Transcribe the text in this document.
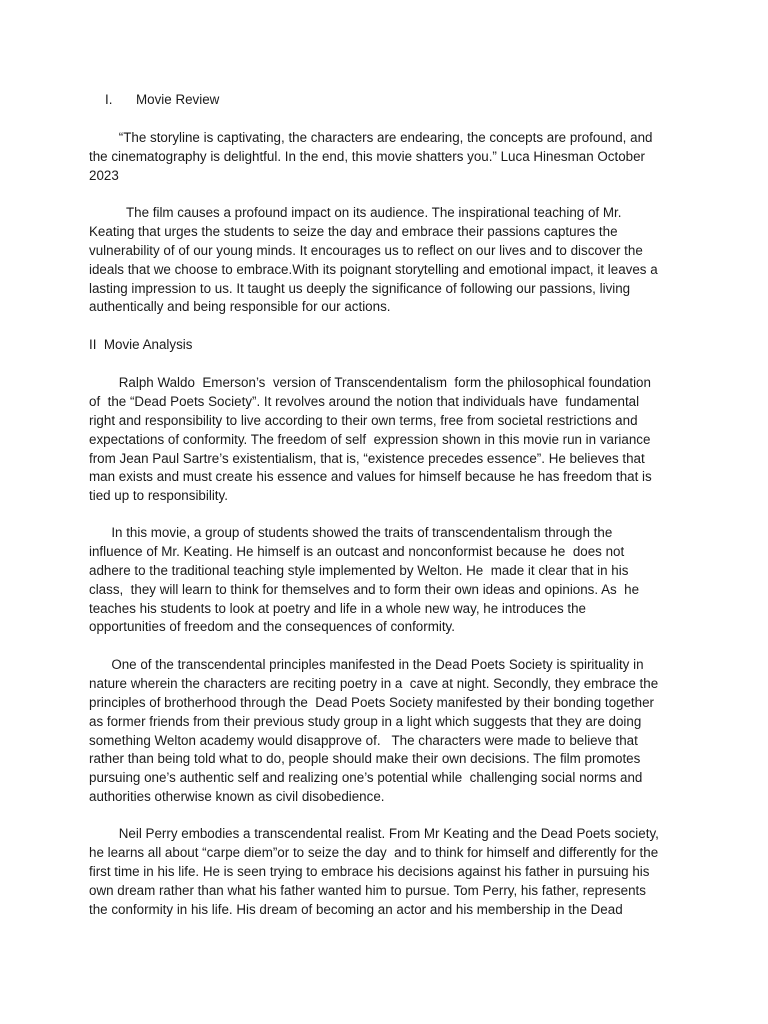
I. Movie Review
“The storyline is captivating, the characters are endearing, the concepts are profound, and
the cinematography is delightful. In the end, this movie shatters you.” Luca Hinesman October
2023
The film causes a profound impact on its audience. The inspirational teaching of Mr.
Keating that urges the students to seize the day and embrace their passions captures the
vulnerability of of our young minds. It encourages us to reflect on our lives and to discover the
ideals that we choose to embrace.With its poignant storytelling and emotional impact, it leaves a
lasting impression to us. It taught us deeply the significance of following our passions, living
authentically and being responsible for our actions.
II  Movie Analysis
Ralph Waldo  Emerson’s  version of Transcendentalism  form the philosophical foundation
of  the “Dead Poets Society”. It revolves around the notion that individuals have  fundamental
right and responsibility to live according to their own terms, free from societal restrictions and
expectations of conformity. The freedom of self  expression shown in this movie run in variance
from Jean Paul Sartre’s existentialism, that is, “existence precedes essence”. He believes that
man exists and must create his essence and values for himself because he has freedom that is
tied up to responsibility.
In this movie, a group of students showed the traits of transcendentalism through the
influence of Mr. Keating. He himself is an outcast and nonconformist because he  does not
adhere to the traditional teaching style implemented by Welton. He  made it clear that in his
class,  they will learn to think for themselves and to form their own ideas and opinions. As  he
teaches his students to look at poetry and life in a whole new way, he introduces the
opportunities of freedom and the consequences of conformity.
One of the transcendental principles manifested in the Dead Poets Society is spirituality in
nature wherein the characters are reciting poetry in a  cave at night. Secondly, they embrace the
principles of brotherhood through the  Dead Poets Society manifested by their bonding together
as former friends from their previous study group in a light which suggests that they are doing
something Welton academy would disapprove of.   The characters were made to believe that
rather than being told what to do, people should make their own decisions. The film promotes
pursuing one’s authentic self and realizing one’s potential while  challenging social norms and
authorities otherwise known as civil disobedience.
Neil Perry embodies a transcendental realist. From Mr Keating and the Dead Poets society,
he learns all about “carpe diem”or to seize the day  and to think for himself and differently for the
first time in his life. He is seen trying to embrace his decisions against his father in pursuing his
own dream rather than what his father wanted him to pursue. Tom Perry, his father, represents
the conformity in his life. His dream of becoming an actor and his membership in the Dead
